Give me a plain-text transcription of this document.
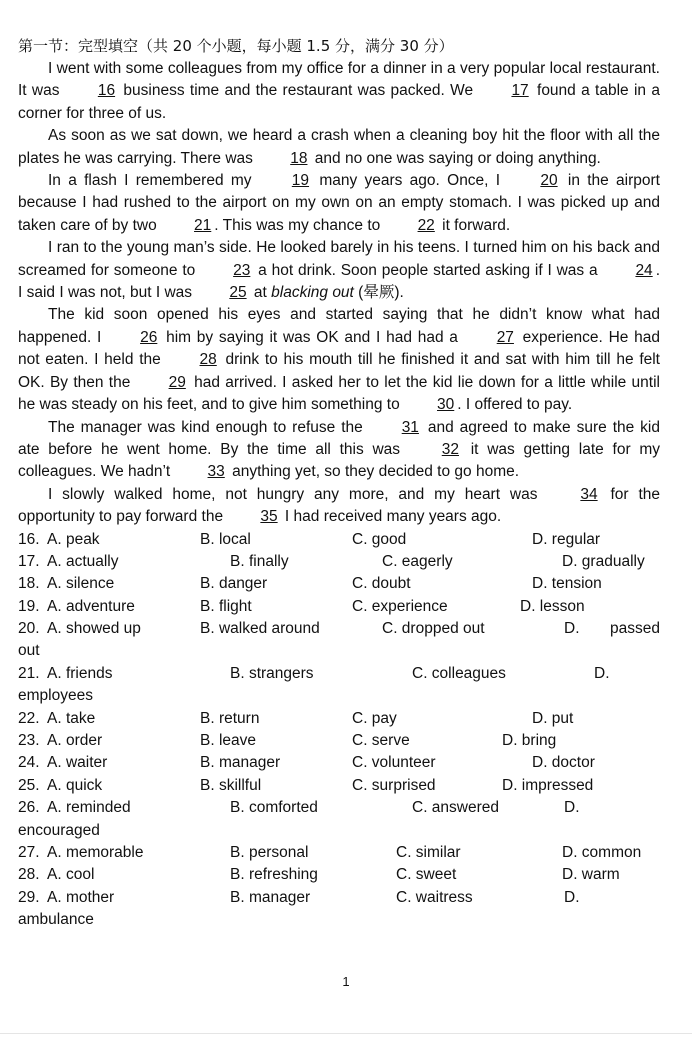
第一节：完型填空（共 20 个小题，每小题 1.5 分，满分 30 分）

I went with some colleagues from my office for a dinner in a very popular local restaurant. It was 16 business time and the restaurant was packed. We 17 found a table in a corner for three of us.

As soon as we sat down, we heard a crash when a cleaning boy hit the floor with all the plates he was carrying. There was 18 and no one was saying or doing anything.

In a flash I remembered my 19 many years ago. Once, I 20 in the airport because I had rushed to the airport on my own on an empty stomach. I was picked up and taken care of by two 21 . This was my chance to 22 it forward.

I ran to the young man’s side. He looked barely in his teens. I turned him on his back and screamed for someone to 23 a hot drink. Soon people started asking if I was a 24 . I said I was not, but I was 25 at blacking out (晕厥).

The kid soon opened his eyes and started saying that he didn’t know what had happened. I 26 him by saying it was OK and I had had a 27 experience. He had not eaten. I held the 28 drink to his mouth till he finished it and sat with him till he felt OK. By then the 29 had arrived. I asked her to let the kid lie down for a little while until he was steady on his feet, and to give him something to 30 . I offered to pay.

The manager was kind enough to refuse the 31 and agreed to make sure the kid ate before he went home. By the time all this was 32 it was getting late for my colleagues. We hadn’t 33 anything yet, so they decided to go home.

I slowly walked home, not hungry any more, and my heart was 34 for the opportunity to pay forward the 35 I had received many years ago.

16. A. peak	B. local	C. good	D. regular
17. A. actually	B. finally	C. eagerly	D. gradually
18. A. silence	B. danger	C. doubt	D. tension
19. A. adventure	B. flight	C. experience	D. lesson
20. A. showed up	B. walked around	C. dropped out	D. passed
out
21. A. friends	B. strangers	C. colleagues	D.
employees
22. A. take	B. return	C. pay	D. put
23. A. order	B. leave	C. serve	D. bring
24. A. waiter	B. manager	C. volunteer	D. doctor
25. A. quick	B. skillful	C. surprised	D. impressed
26. A. reminded	B. comforted	C. answered	D.
encouraged
27. A. memorable	B. personal	C. similar	D. common
28. A. cool	B. refreshing	C. sweet	D. warm
29. A. mother	B. manager	C. waitress	D.
ambulance
1
